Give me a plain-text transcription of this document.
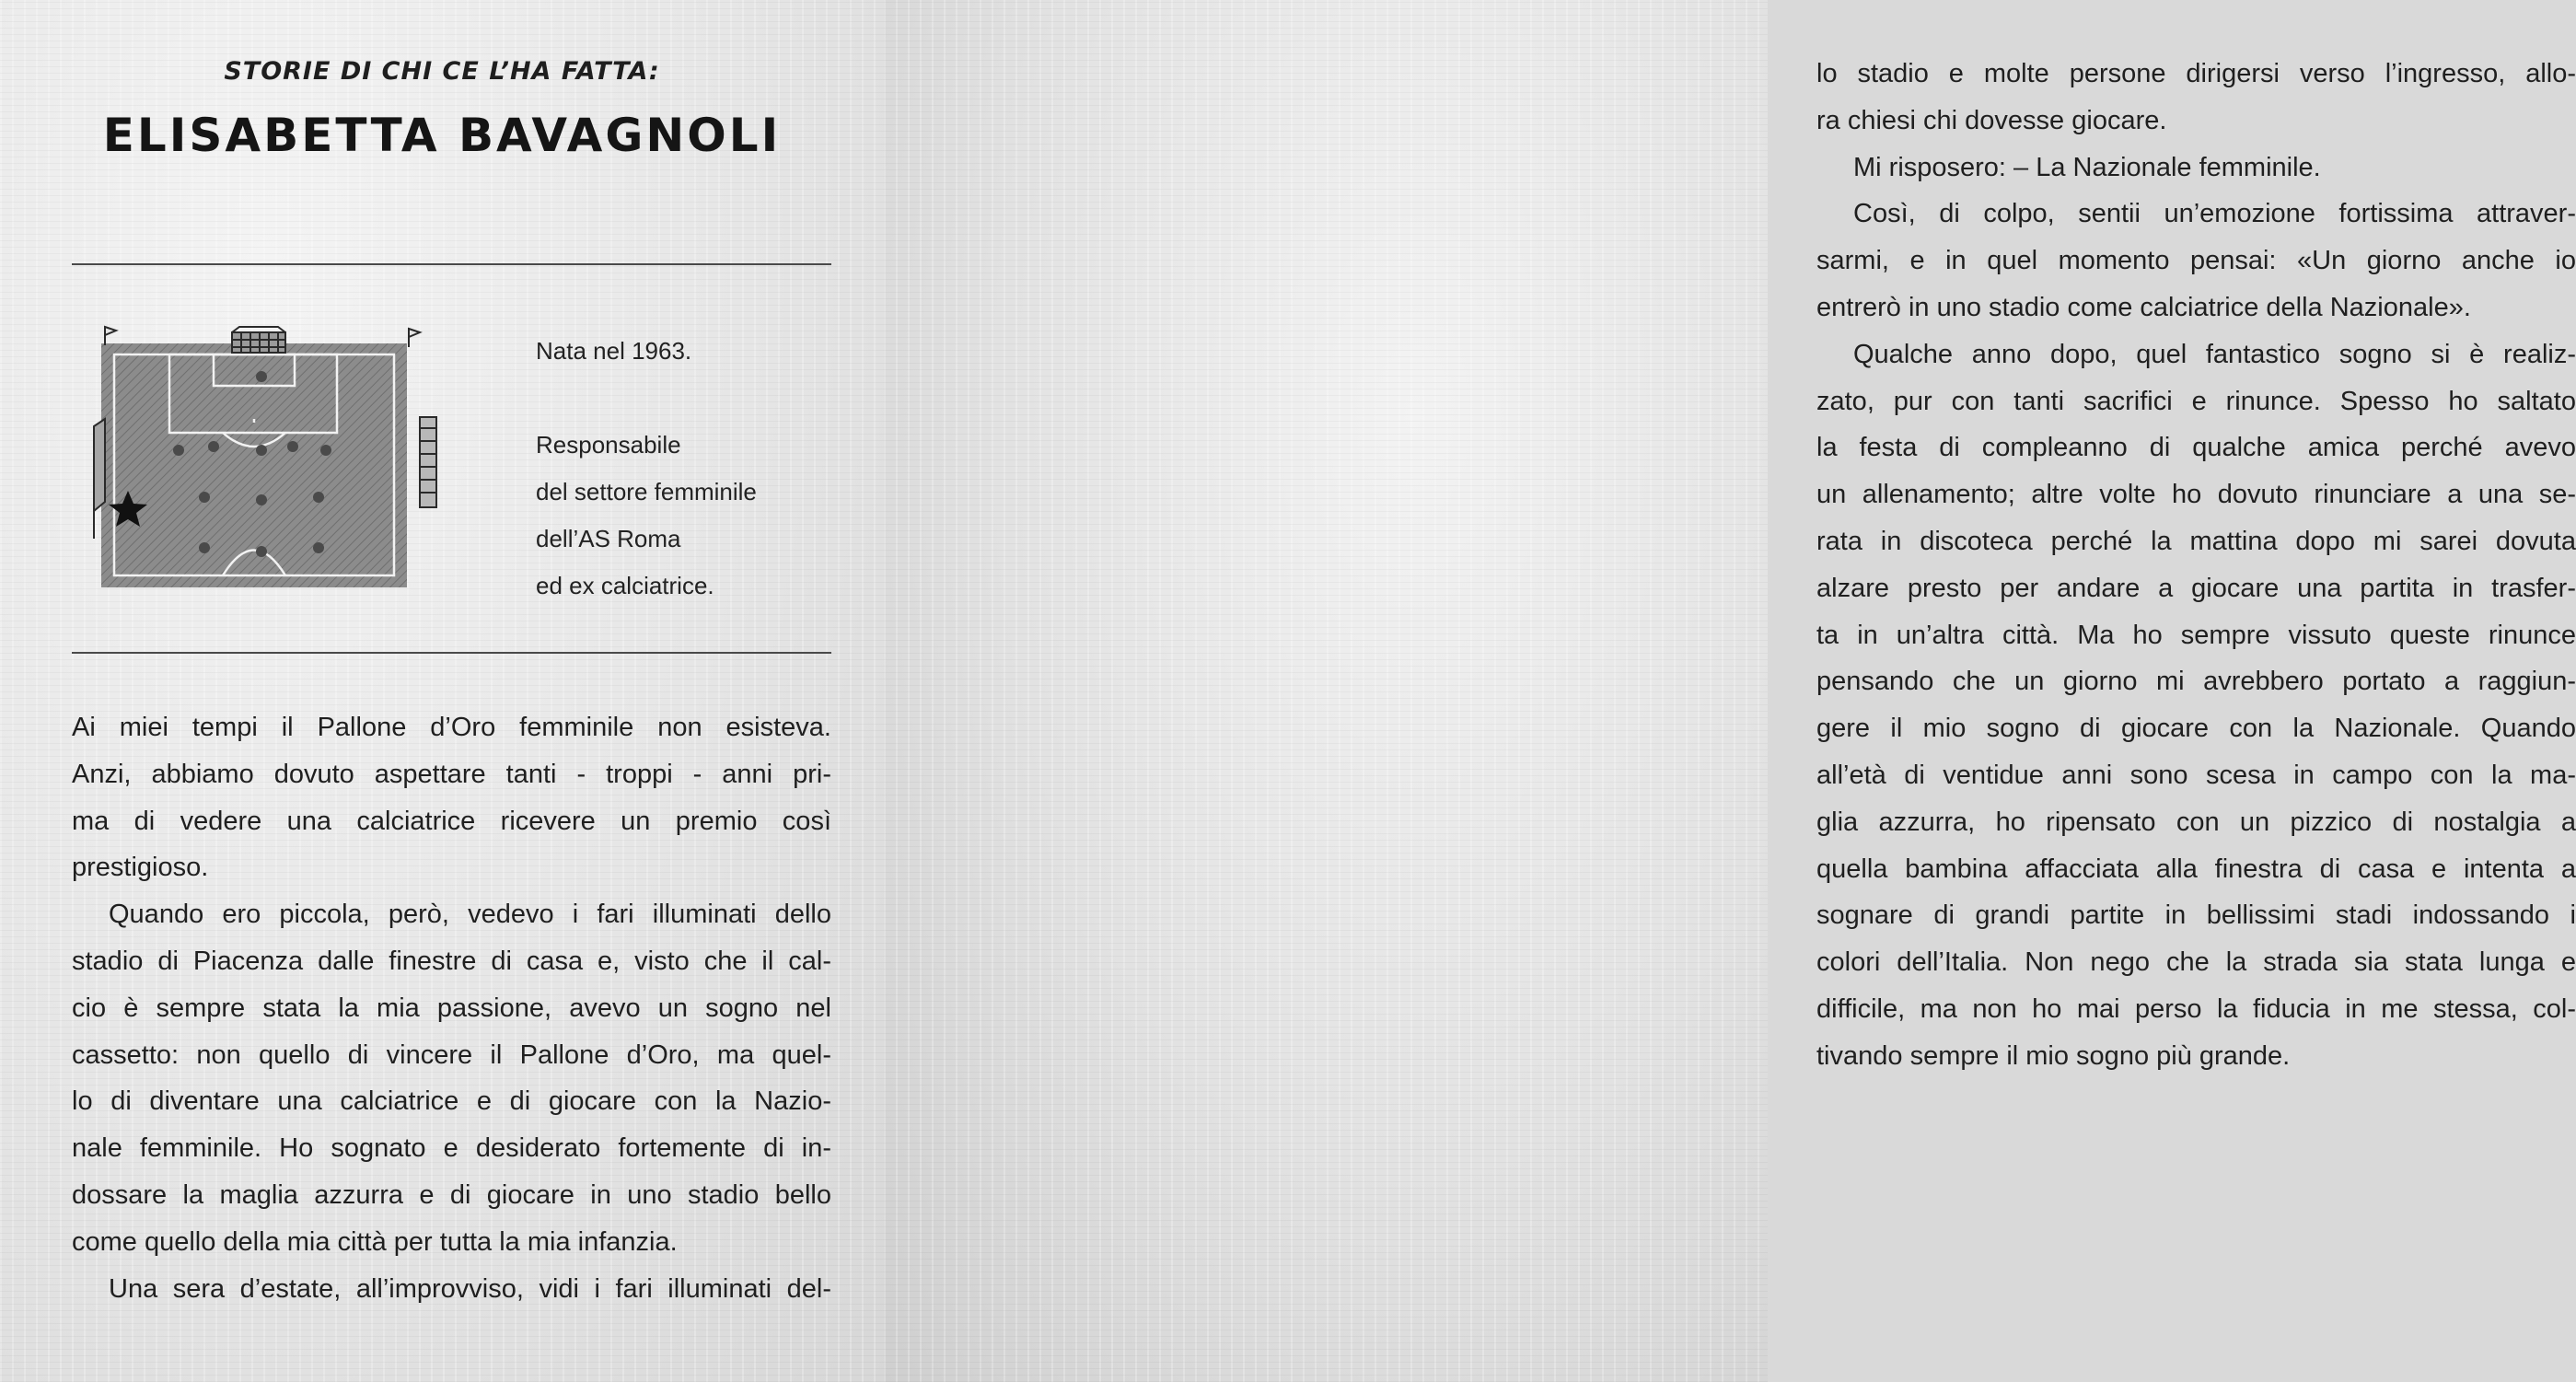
STORIE DI CHI CE L’HA FATTA:
ELISABETTA BAVAGNOLI
Nata nel 1963.
Responsabile
del settore femminile
dell’AS Roma
ed ex calciatrice.
Ai miei tempi il Pallone d’Oro femminile non esisteva.
Anzi, abbiamo dovuto aspettare tanti - troppi - anni pri-
ma di vedere una calciatrice ricevere un premio così
prestigioso.
Quando ero piccola, però, vedevo i fari illuminati dello
stadio di Piacenza dalle finestre di casa e, visto che il cal-
cio è sempre stata la mia passione, avevo un sogno nel
cassetto: non quello di vincere il Pallone d’Oro, ma quel-
lo di diventare una calciatrice e di giocare con la Nazio-
nale femminile. Ho sognato e desiderato fortemente di in-
dossare la maglia azzurra e di giocare in uno stadio bello
come quello della mia città per tutta la mia infanzia.
Una sera d’estate, all’improvviso, vidi i fari illuminati del-
lo stadio e molte persone dirigersi verso l’ingresso, allo-
ra chiesi chi dovesse giocare.
Mi risposero: – La Nazionale femminile.
Così, di colpo, sentii un’emozione fortissima attraver-
sarmi, e in quel momento pensai: «Un giorno anche io
entrerò in uno stadio come calciatrice della Nazionale».
Qualche anno dopo, quel fantastico sogno si è realiz-
zato, pur con tanti sacrifici e rinunce. Spesso ho saltato
la festa di compleanno di qualche amica perché avevo
un allenamento; altre volte ho dovuto rinunciare a una se-
rata in discoteca perché la mattina dopo mi sarei dovuta
alzare presto per andare a giocare una partita in trasfer-
ta in un’altra città. Ma ho sempre vissuto queste rinunce
pensando che un giorno mi avrebbero portato a raggiun-
gere il mio sogno di giocare con la Nazionale. Quando
all’età di ventidue anni sono scesa in campo con la ma-
glia azzurra, ho ripensato con un pizzico di nostalgia a
quella bambina affacciata alla finestra di casa e intenta a
sognare di grandi partite in bellissimi stadi indossando i
colori dell’Italia. Non nego che la strada sia stata lunga e
difficile, ma non ho mai perso la fiducia in me stessa, col-
tivando sempre il mio sogno più grande.
